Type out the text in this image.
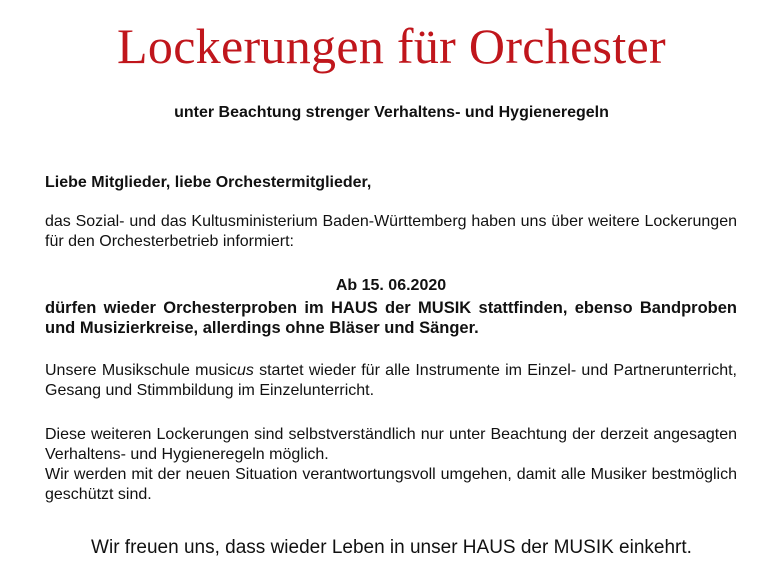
Lockerungen für Orchester
unter Beachtung strenger Verhaltens- und Hygieneregeln
Liebe Mitglieder, liebe Orchestermitglieder,
das Sozial- und das Kultusministerium Baden-Württemberg haben uns über weitere Lockerungen für den Orchesterbetrieb informiert:
Ab 15. 06.2020
dürfen wieder Orchesterproben im HAUS der MUSIK stattfinden, ebenso Bandproben und Musizierkreise, allerdings ohne Bläser und Sänger.
Unsere Musikschule musicus startet wieder für alle Instrumente im Einzel- und Partnerunterricht, Gesang und Stimmbildung im Einzelunterricht.
Diese weiteren Lockerungen sind selbstverständlich nur unter Beachtung der derzeit angesagten Verhaltens- und Hygieneregeln möglich.
Wir werden mit der neuen Situation verantwortungsvoll umgehen, damit alle Musiker bestmöglich geschützt sind.
Wir freuen uns, dass wieder Leben in unser HAUS der MUSIK einkehrt.
